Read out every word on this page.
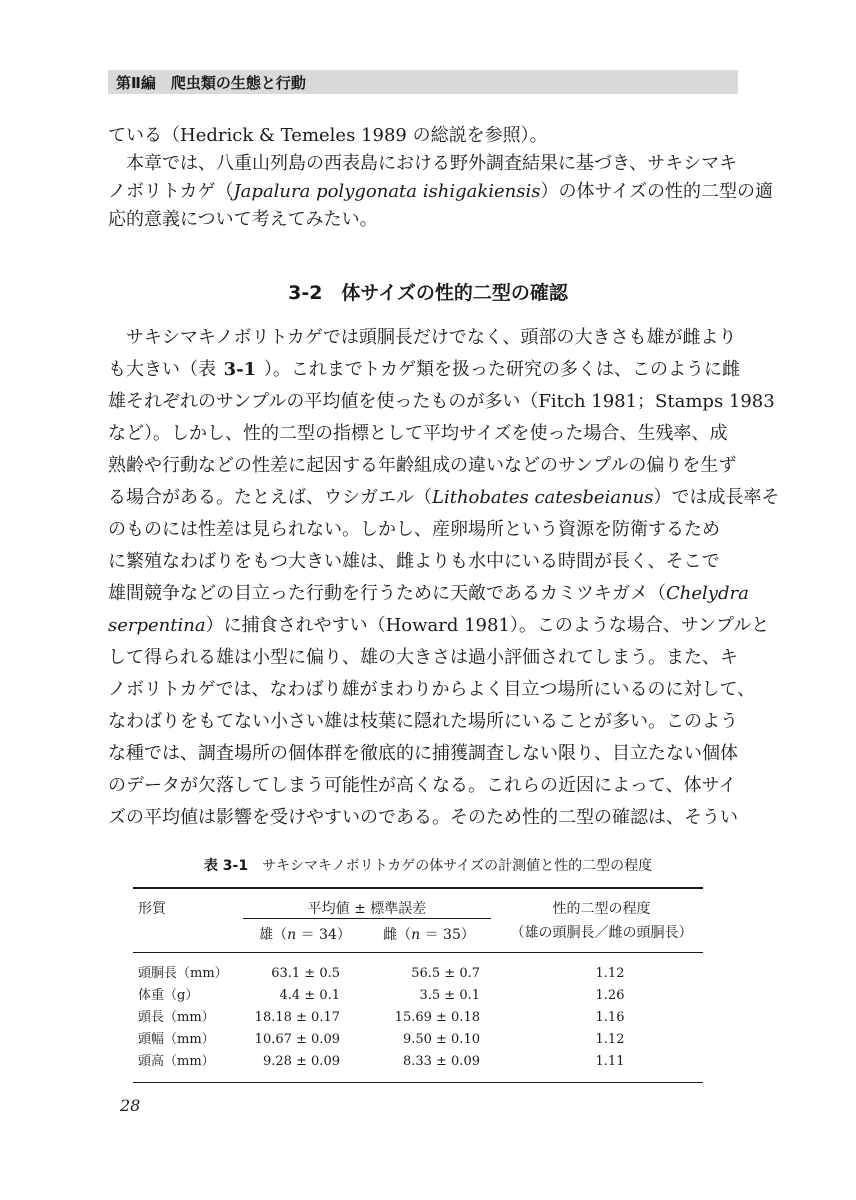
第Ⅱ編　爬虫類の生態と行動
ている（Hedrick & Temeles 1989 の総説を参照）。
本章では、八重山列島の西表島における野外調査結果に基づき、サキシマキ
ノボリトカゲ（ Japalura polygonata ishigakiensis ）の体サイズの性的二型の適
応的意義について考えてみたい。
3-2　体サイズの性的二型の確認
サキシマキノボリトカゲでは頭胴長だけでなく、頭部の大きさも雄が雌より
も大きい（表 3-1 ）。これまでトカゲ類を扱った研究の多くは、このように雌
雄それぞれのサンプルの平均値を使ったものが多い（Fitch 1981；Stamps 1983
など）。しかし、性的二型の指標として平均サイズを使った場合、生残率、成
熟齢や行動などの性差に起因する年齢組成の違いなどのサンプルの偏りを生ず
る場合がある。たとえば、ウシガエル（ Lithobates catesbeianus ）では成長率そ
のものには性差は見られない。しかし、産卵場所という資源を防衛するため
に繁殖なわばりをもつ大きい雄は、雌よりも水中にいる時間が長く、そこで
雄間競争などの目立った行動を行うために天敵であるカミツキガメ（ Chelydra
serpentina ）に捕食されやすい（Howard 1981）。このような場合、サンプルと
して得られる雄は小型に偏り、雄の大きさは過小評価されてしまう。また、キ
ノボリトカゲでは、なわばり雄がまわりからよく目立つ場所にいるのに対して、
なわばりをもてない小さい雄は枝葉に隠れた場所にいることが多い。このよう
な種では、調査場所の個体群を徹底的に捕獲調査しない限り、目立たない個体
のデータが欠落してしまう可能性が高くなる。これらの近因によって、体サイ
ズの平均値は影響を受けやすいのである。そのため性的二型の確認は、そうい
表 3-1 サキシマキノボリトカゲの体サイズの計測値と性的二型の程度
形質	平均値 ± 標準誤差
雄（n ＝ 34）	雌（n ＝ 35）
性的二型の程度
（雄の頭胴長／雌の頭胴長）
頭胴長（mm）	63.1 ± 0.5	56.5 ± 0.7	1.12
体重（g）	4.4 ± 0.1	3.5 ± 0.1	1.26
頭長（mm）	18.18 ± 0.17	15.69 ± 0.18	1.16
頭幅（mm）	10.67 ± 0.09	9.50 ± 0.10	1.12
頭高（mm）	9.28 ± 0.09	8.33 ± 0.09	1.11
28
